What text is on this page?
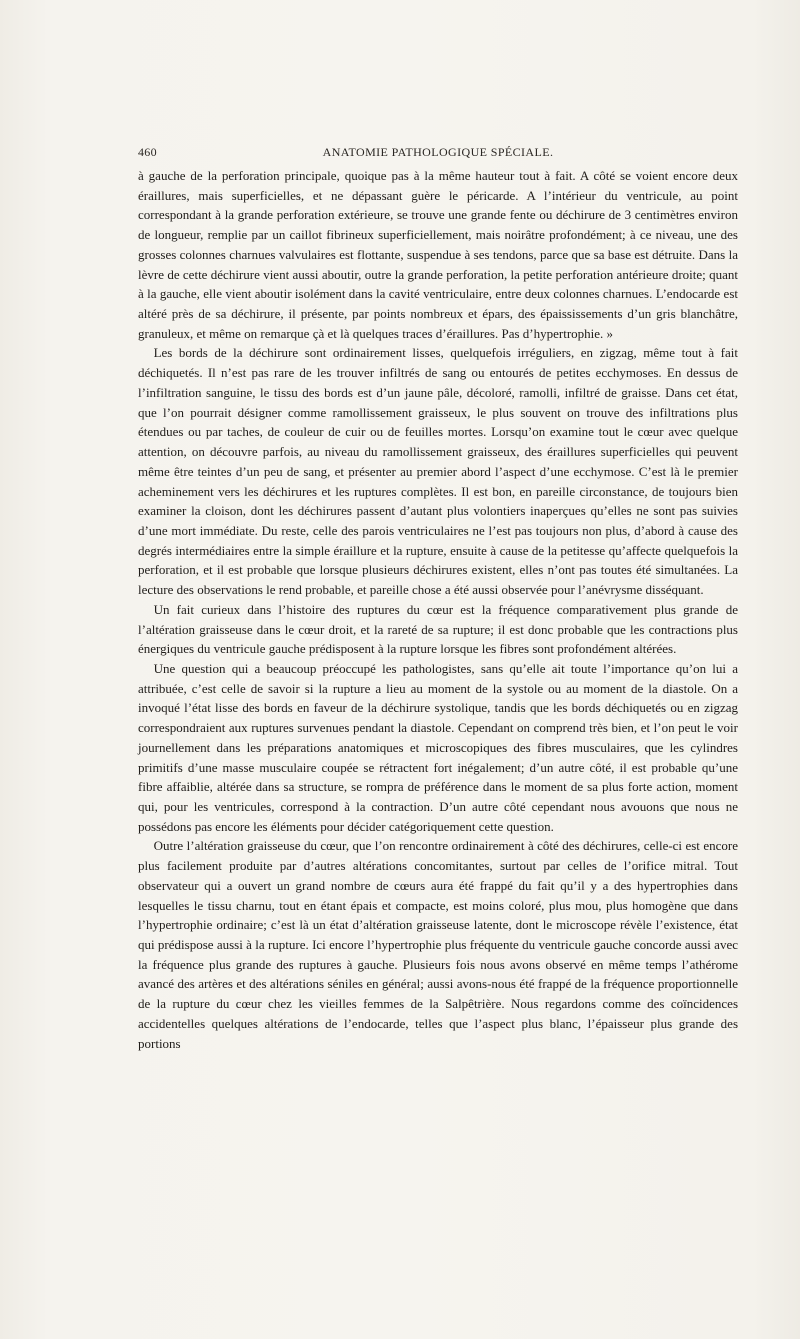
460	ANATOMIE PATHOLOGIQUE SPÉCIALE.

à gauche de la perforation principale, quoique pas à la même hauteur tout à fait. A côté se voient encore deux éraillures, mais superficielles, et ne dépassant guère le péricarde. A l’intérieur du ventricule, au point correspondant à la grande perforation extérieure, se trouve une grande fente ou déchirure de 3 centimètres environ de longueur, remplie par un caillot fibrineux superficiellement, mais noirâtre profondément; à ce niveau, une des grosses colonnes charnues valvulaires est flottante, suspendue à ses tendons, parce que sa base est détruite. Dans la lèvre de cette déchirure vient aussi aboutir, outre la grande perforation, la petite perforation antérieure droite; quant à la gauche, elle vient aboutir isolément dans la cavité ventriculaire, entre deux colonnes charnues. L’endocarde est altéré près de sa déchirure, il présente, par points nombreux et épars, des épaississements d’un gris blanchâtre, granuleux, et même on remarque çà et là quelques traces d’éraillures. Pas d’hypertrophie. »

Les bords de la déchirure sont ordinairement lisses, quelquefois irréguliers, en zigzag, même tout à fait déchiquetés. Il n’est pas rare de les trouver infiltrés de sang ou entourés de petites ecchymoses. En dessus de l’infiltration sanguine, le tissu des bords est d’un jaune pâle, décoloré, ramolli, infiltré de graisse. Dans cet état, que l’on pourrait désigner comme ramollissement graisseux, le plus souvent on trouve des infiltrations plus étendues ou par taches, de couleur de cuir ou de feuilles mortes. Lorsqu’on examine tout le cœur avec quelque attention, on découvre parfois, au niveau du ramollissement graisseux, des éraillures superficielles qui peuvent même être teintes d’un peu de sang, et présenter au premier abord l’aspect d’une ecchymose. C’est là le premier acheminement vers les déchirures et les ruptures complètes. Il est bon, en pareille circonstance, de toujours bien examiner la cloison, dont les déchirures passent d’autant plus volontiers inaperçues qu’elles ne sont pas suivies d’une mort immédiate. Du reste, celle des parois ventriculaires ne l’est pas toujours non plus, d’abord à cause des degrés intermédiaires entre la simple éraillure et la rupture, ensuite à cause de la petitesse qu’affecte quelquefois la perforation, et il est probable que lorsque plusieurs déchirures existent, elles n’ont pas toutes été simultanées. La lecture des observations le rend probable, et pareille chose a été aussi observée pour l’anévrysme disséquant.

Un fait curieux dans l’histoire des ruptures du cœur est la fréquence comparativement plus grande de l’altération graisseuse dans le cœur droit, et la rareté de sa rupture; il est donc probable que les contractions plus énergiques du ventricule gauche prédisposent à la rupture lorsque les fibres sont profondément altérées.

Une question qui a beaucoup préoccupé les pathologistes, sans qu’elle ait toute l’importance qu’on lui a attribuée, c’est celle de savoir si la rupture a lieu au moment de la systole ou au moment de la diastole. On a invoqué l’état lisse des bords en faveur de la déchirure systolique, tandis que les bords déchiquetés ou en zigzag correspondraient aux ruptures survenues pendant la diastole. Cependant on comprend très bien, et l’on peut le voir journellement dans les préparations anatomiques et microscopiques des fibres musculaires, que les cylindres primitifs d’une masse musculaire coupée se rétractent fort inégalement; d’un autre côté, il est probable qu’une fibre affaiblie, altérée dans sa structure, se rompra de préférence dans le moment de sa plus forte action, moment qui, pour les ventricules, correspond à la contraction. D’un autre côté cependant nous avouons que nous ne possédons pas encore les éléments pour décider catégoriquement cette question.

Outre l’altération graisseuse du cœur, que l’on rencontre ordinairement à côté des déchirures, celle-ci est encore plus facilement produite par d’autres altérations concomitantes, surtout par celles de l’orifice mitral. Tout observateur qui a ouvert un grand nombre de cœurs aura été frappé du fait qu’il y a des hypertrophies dans lesquelles le tissu charnu, tout en étant épais et compacte, est moins coloré, plus mou, plus homogène que dans l’hypertrophie ordinaire; c’est là un état d’altération graisseuse latente, dont le microscope révèle l’existence, état qui prédispose aussi à la rupture. Ici encore l’hypertrophie plus fréquente du ventricule gauche concorde aussi avec la fréquence plus grande des ruptures à gauche. Plusieurs fois nous avons observé en même temps l’athérome avancé des artères et des altérations séniles en général; aussi avons-nous été frappé de la fréquence proportionnelle de la rupture du cœur chez les vieilles femmes de la Salpêtrière. Nous regardons comme des coïncidences accidentelles quelques altérations de l’endocarde, telles que l’aspect plus blanc, l’épaisseur plus grande des portions
